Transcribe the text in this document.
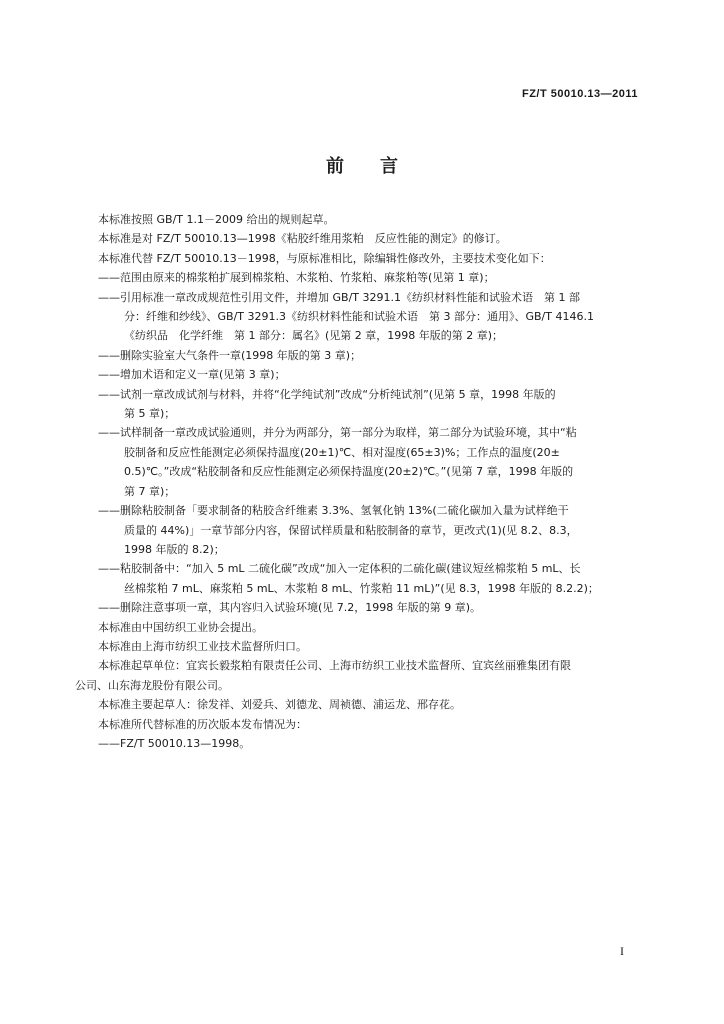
FZ/T 50010.13—2011
前言
本标准按照 GB/T 1.1－2009 给出的规则起草。
本标准是对 FZ/T 50010.13—1998《粘胶纤维用浆粕　反应性能的测定》的修订。
本标准代替 FZ/T 50010.13－1998，与原标准相比，除编辑性修改外，主要技术变化如下：
——范围由原来的棉浆粕扩展到棉浆粕、木浆粕、竹浆粕、麻浆粕等(见第 1 章)；
——引用标准一章改成规范性引用文件，并增加 GB/T 3291.1《纺织材料性能和试验术语　第 1 部
分：纤维和纱线》、GB/T 3291.3《纺织材料性能和试验术语　第 3 部分：通用》、GB/T 4146.1
《纺织品　化学纤维　第 1 部分：属名》(见第 2 章，1998 年版的第 2 章)；
——删除实验室大气条件一章(1998 年版的第 3 章)；
——增加术语和定义一章(见第 3 章)；
——试剂一章改成试剂与材料，并将“化学纯试剂”改成“分析纯试剂”(见第 5 章，1998 年版的
第 5 章)；
——试样制备一章改成试验通则，并分为两部分，第一部分为取样，第二部分为试验环境，其中“粘
胶制备和反应性能测定必须保持温度(20±1)℃、相对湿度(65±3)%；工作点的温度(20±
0.5)℃。”改成“粘胶制备和反应性能测定必须保持温度(20±2)℃。”(见第 7 章，1998 年版的
第 7 章)；
——删除粘胶制备「要求制备的粘胶含纤维素 3.3%、氢氧化钠 13%(二硫化碳加入量为试样绝干
质量的 44%)」一章节部分内容，保留试样质量和粘胶制备的章节，更改式(1)(见 8.2、8.3，
1998 年版的 8.2)；
——粘胶制备中：“加入 5 mL 二硫化碳”改成“加入一定体积的二硫化碳(建议短丝棉浆粕 5 mL、长
丝棉浆粕 7 mL、麻浆粕 5 mL、木浆粕 8 mL、竹浆粕 11 mL)”(见 8.3，1998 年版的 8.2.2)；
——删除注意事项一章，其内容归入试验环境(见 7.2，1998 年版的第 9 章)。
本标准由中国纺织工业协会提出。
本标准由上海市纺织工业技术监督所归口。
本标准起草单位：宜宾长毅浆粕有限责任公司、上海市纺织工业技术监督所、宜宾丝丽雅集团有限
公司、山东海龙股份有限公司。
本标准主要起草人：徐发祥、刘爱兵、刘德龙、周祯德、浦运龙、邢存花。
本标准所代替标准的历次版本发布情况为：
——FZ/T 50010.13—1998。
I
